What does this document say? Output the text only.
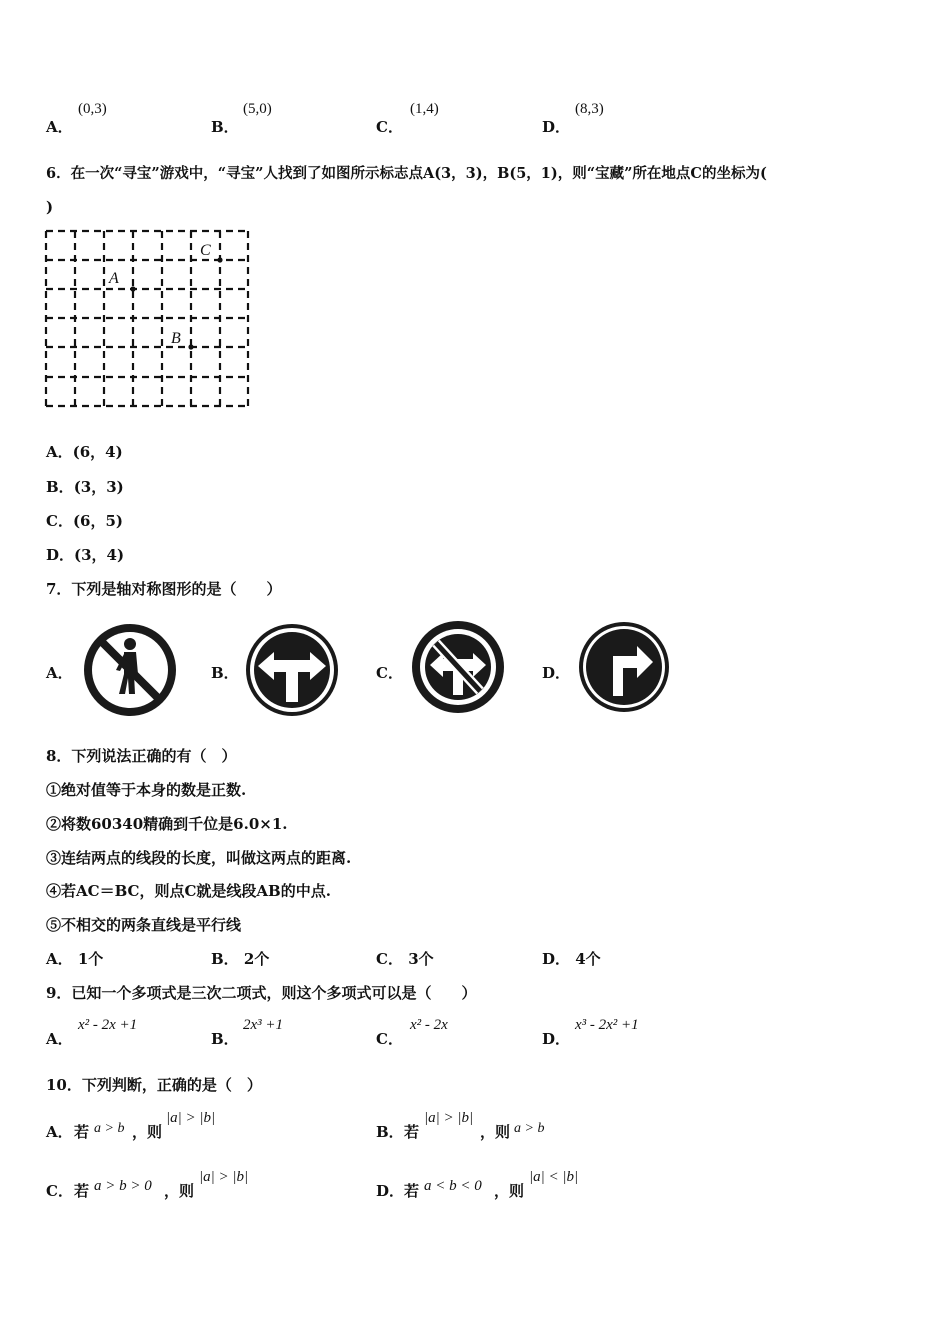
A．
(0,3)
B．
(5,0)
C．
(1,4)
D．
(8,3)
6．在一次“寻宝”游戏中，“寻宝”人找到了如图所示标志点A(3，3)，B(5，1)，则“宝藏”所在地点C的坐标为(
)
A
B
C
A．(6，4)
B．(3，3)
C．(6，5)
D．(3，4)
7．下列是轴对称图形的是（　　）
A．	B．	C．	D．
8．下列说法正确的有（　）
①绝对值等于本身的数是正数.
②将数60340精确到千位是6.0×1.
③连结两点的线段的长度，叫做这两点的距离.
④若AC＝BC，则点C就是线段AB的中点.
⑤不相交的两条直线是平行线
A． 1个	B． 2个	C． 3个	D． 4个
9．已知一个多项式是三次二项式，则这个多项式可以是（　　）
A．
x² - 2x +1
B．
2x³ +1
C．
x² - 2x
D．
x³ - 2x² +1
10．下列判断，正确的是（　）
A． 若 a > b ，则
|a| > |b|
B． 若
|a| > |b|
，则 a > b
C． 若 a > b > 0 ，则
|a| > |b|
D． 若 a < b < 0 ，则
|a| < |b|
